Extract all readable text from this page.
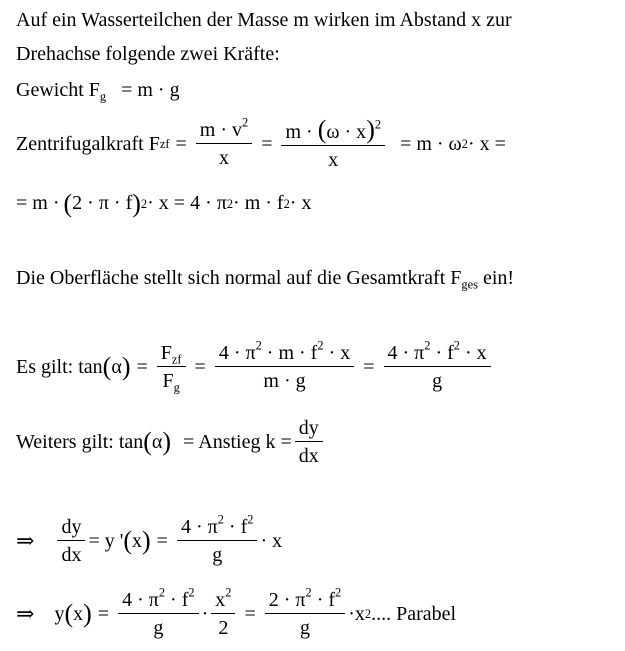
Auf ein Wasserteilchen der Masse m wirken im Abstand x zur
Drehachse folgende zwei Kräfte:
Gewicht $F_g = m \cdot g$
Zentrifugalkraft F zf = $\frac{m \cdot v^2}{x} = \frac{m \cdot (\omega \cdot x)^2}{x} = m \cdot \omega$ 2 · x =
= m · ( 2 · π · f ) 2 · x = 4 · π 2 · m · f 2 · x
Die Oberfläche stellt sich normal auf die Gesamtkraft $F_{ges}$ ein!
Es gilt: tan ( α ) = $\frac{F_{zf}}{F_g} = \frac{4 \cdot \pi^2 \cdot m \cdot f^2 \cdot x}{m \cdot g} = \frac{4 \cdot \pi^2 \cdot f^2 \cdot x}{g}$
Weiters gilt: tan ( α ) = Anstieg $k = \frac{dy}{dx}$
⇒ $\frac{dy}{dx} = y$ ' ( x ) = $\frac{4 \cdot \pi^2 \cdot f^2}{g} \cdot x$
⇒ y ( x ) = $\frac{4 \cdot \pi^2 \cdot f^2}{g} \cdot \frac{x^2}{2} = \frac{2 \cdot \pi^2 \cdot f^2}{g} \cdot x$ 2 .... Parabel
